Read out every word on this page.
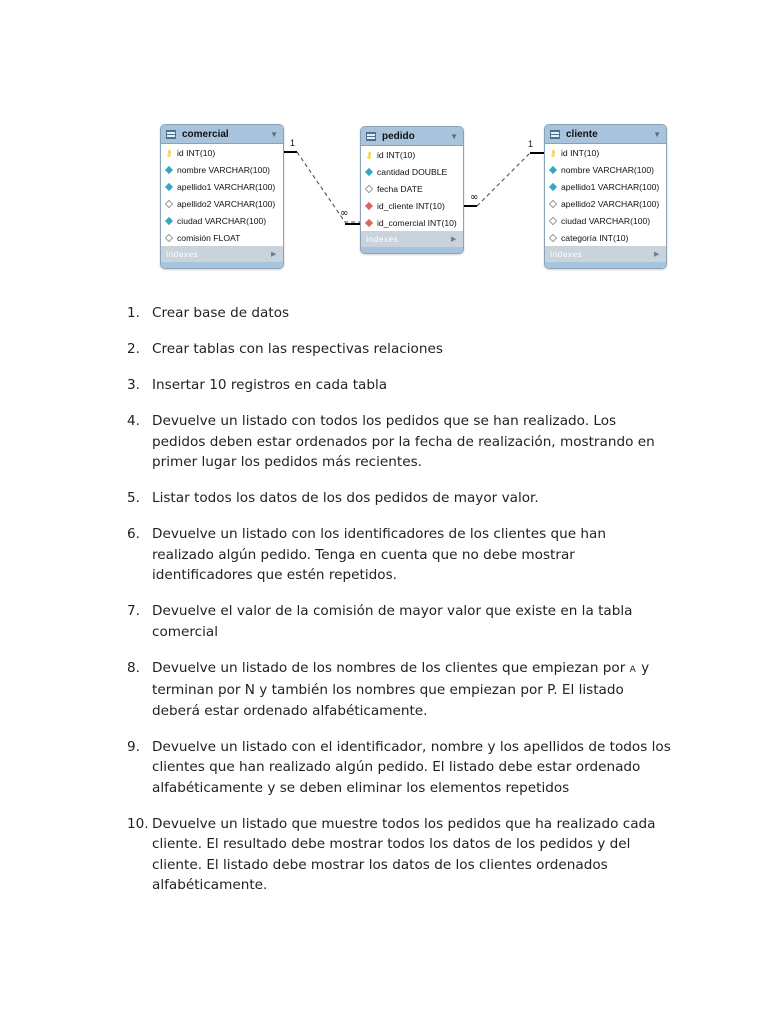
1
∞
∞
1
comercial	▼
⚷ id INT(10)
nombre VARCHAR(100)
apellido1 VARCHAR(100)
apellido2 VARCHAR(100)
ciudad VARCHAR(100)
comisión FLOAT
Indexes	▶
pedido	▼
⚷ id INT(10)
cantidad DOUBLE
fecha DATE
id_cliente INT(10)
id_comercial INT(10)
Indexes	▶
cliente	▼
⚷ id INT(10)
nombre VARCHAR(100)
apellido1 VARCHAR(100)
apellido2 VARCHAR(100)
ciudad VARCHAR(100)
categoría INT(10)
Indexes	▶
1. Crear base de datos
2. Crear tablas con las respectivas relaciones
3. Insertar 10 registros en cada tabla
4. Devuelve un listado con todos los pedidos que se han realizado. Los pedidos deben estar ordenados por la fecha de realización, mostrando en primer lugar los pedidos más recientes.
5. Listar todos los datos de los dos pedidos de mayor valor.
6. Devuelve un listado con los identificadores de los clientes que han realizado algún pedido. Tenga en cuenta que no debe mostrar identificadores que estén repetidos.
7. Devuelve el valor de la comisión de mayor valor que existe en la tabla comercial
8. Devuelve un listado de los nombres de los clientes que empiezan por A y terminan por N y también los nombres que empiezan por P. El listado deberá estar ordenado alfabéticamente.
9. Devuelve un listado con el identificador, nombre y los apellidos de todos los clientes que han realizado algún pedido. El listado debe estar ordenado alfabéticamente y se deben eliminar los elementos repetidos
10. Devuelve un listado que muestre todos los pedidos que ha realizado cada cliente. El resultado debe mostrar todos los datos de los pedidos y del cliente. El listado debe mostrar los datos de los clientes ordenados alfabéticamente.
